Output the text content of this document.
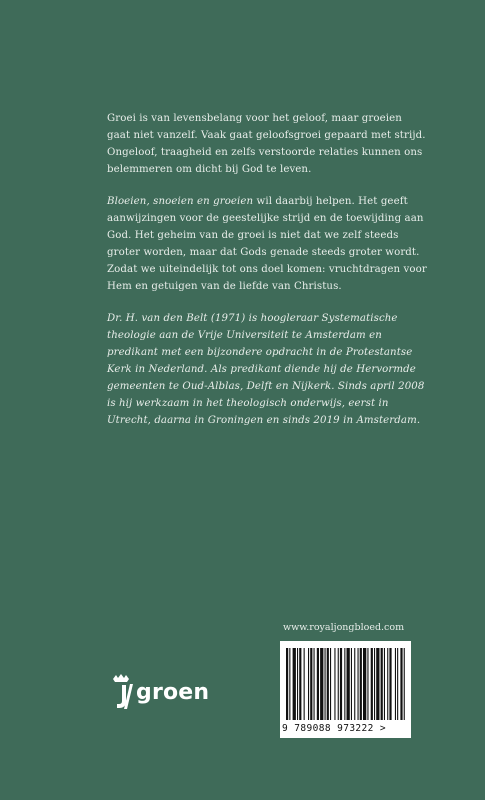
Groei is van levensbelang voor het geloof, maar groeien gaat niet vanzelf. Vaak gaat geloofsgroei gepaard met strijd. Ongeloof, traagheid en zelfs verstoorde relaties kunnen ons belemmeren om dicht bij God te leven.

Bloeien, snoeien en groeien wil daarbij helpen. Het geeft aanwijzingen voor de geestelijke strijd en de toewijding aan God. Het geheim van de groei is niet dat we zelf steeds groter worden, maar dat Gods genade steeds groter wordt. Zodat we uiteindelijk tot ons doel komen: vruchtdragen voor Hem en getuigen van de liefde van Christus.

Dr. H. van den Belt (1971) is hoogleraar Systematische theologie aan de Vrije Universiteit te Amsterdam en predikant met een bijzondere opdracht in de Protestantse Kerk in Nederland. Als predikant diende hij de Hervormde gemeenten te Oud-Alblas, Delft en Nijkerk. Sinds april 2008 is hij werkzaam in het theologisch onderwijs, eerst in Utrecht, daarna in Groningen en sinds 2019 in Amsterdam.

www.royaljongbloed.com
groen
9 789088 973222 >
